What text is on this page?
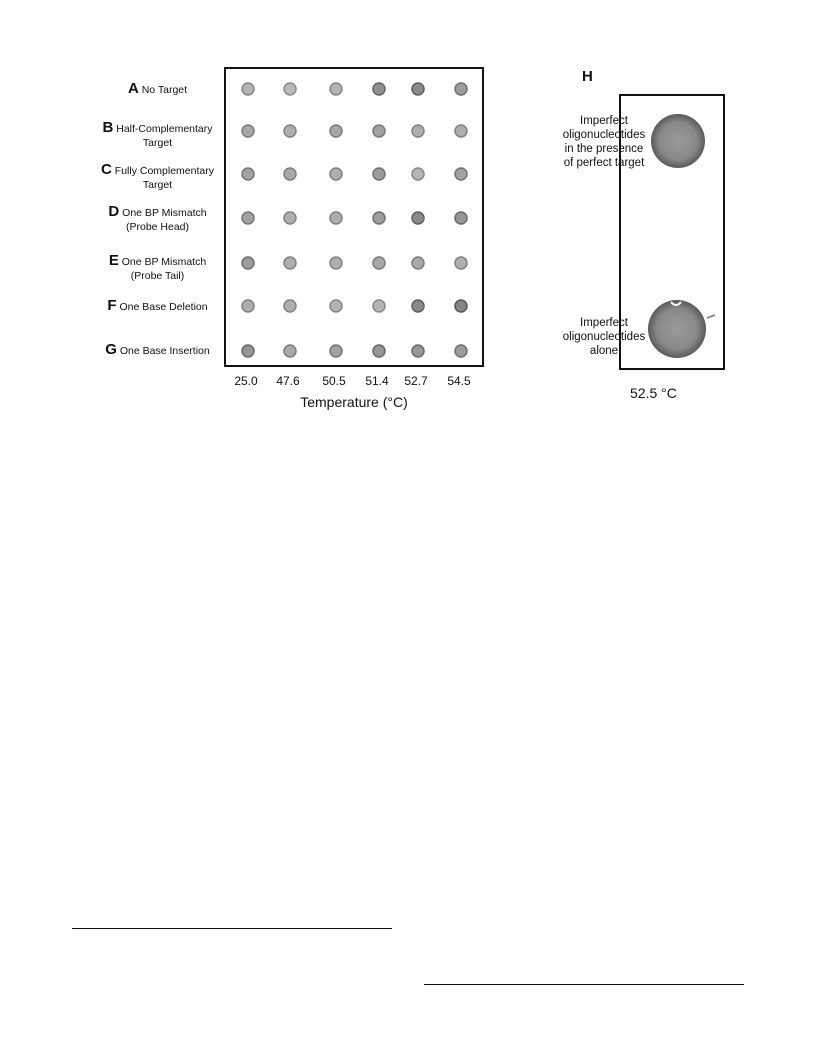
A No Target
B Half-Complementary
Target
C Fully Complementary
Target
D One BP Mismatch
(Probe Head)
E One BP Mismatch
(Probe Tail)
F One Base Deletion
G One Base Insertion
25.0 47.6 50.5 51.4 52.7 54.5
Temperature (°C)
H
Imperfect
oligonucleotides
in the presence
of perfect target
Imperfect
oligonucleotides
alone
52.5 °C
